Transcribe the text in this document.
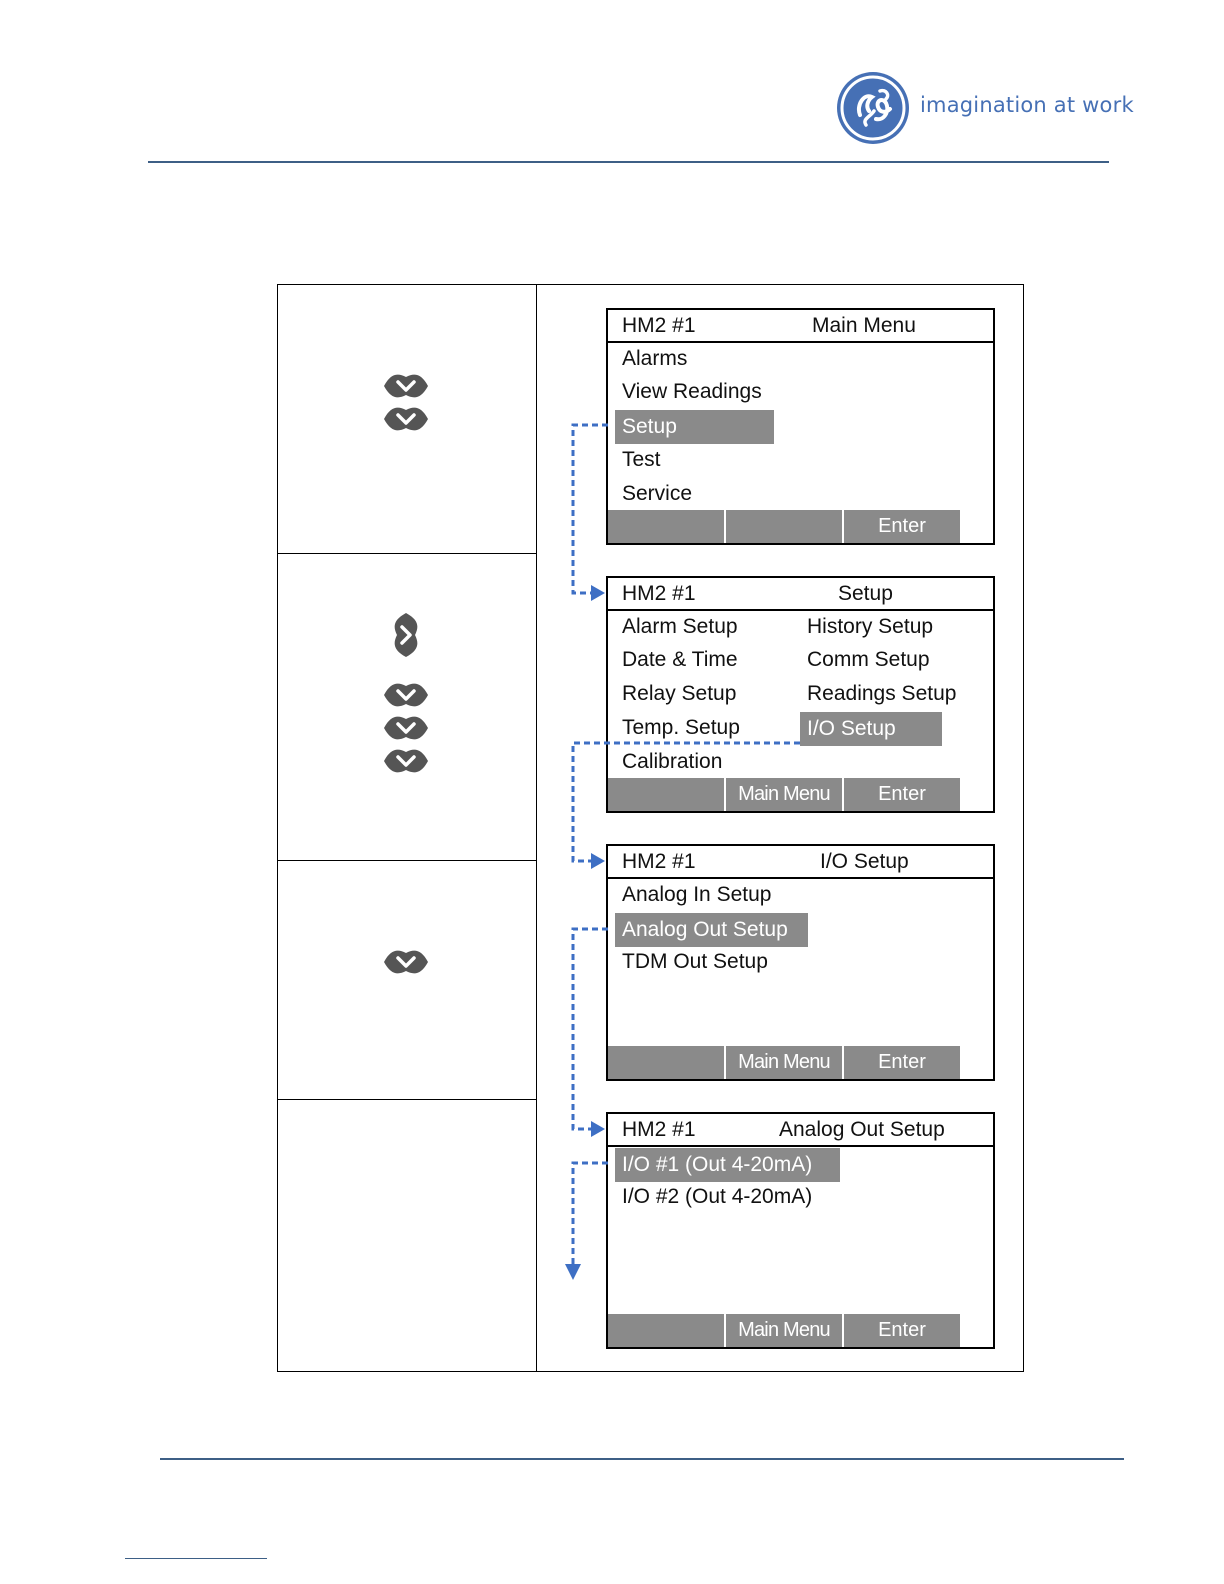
imagination at work
HM2 #1	Main Menu
Alarms
View Readings
Setup
Test
Service
Enter
HM2 #1	Setup
Alarm Setup
Date & Time
Relay Setup
Temp. Setup
Calibration
History Setup
Comm Setup
Readings Setup
I/O Setup
Main Menu	Enter
HM2 #1	I/O Setup
Analog In Setup
Analog Out Setup
TDM Out Setup
Main Menu	Enter
HM2 #1	Analog Out Setup
I/O #1 (Out 4-20mA)
I/O #2 (Out 4-20mA)
Main Menu	Enter
